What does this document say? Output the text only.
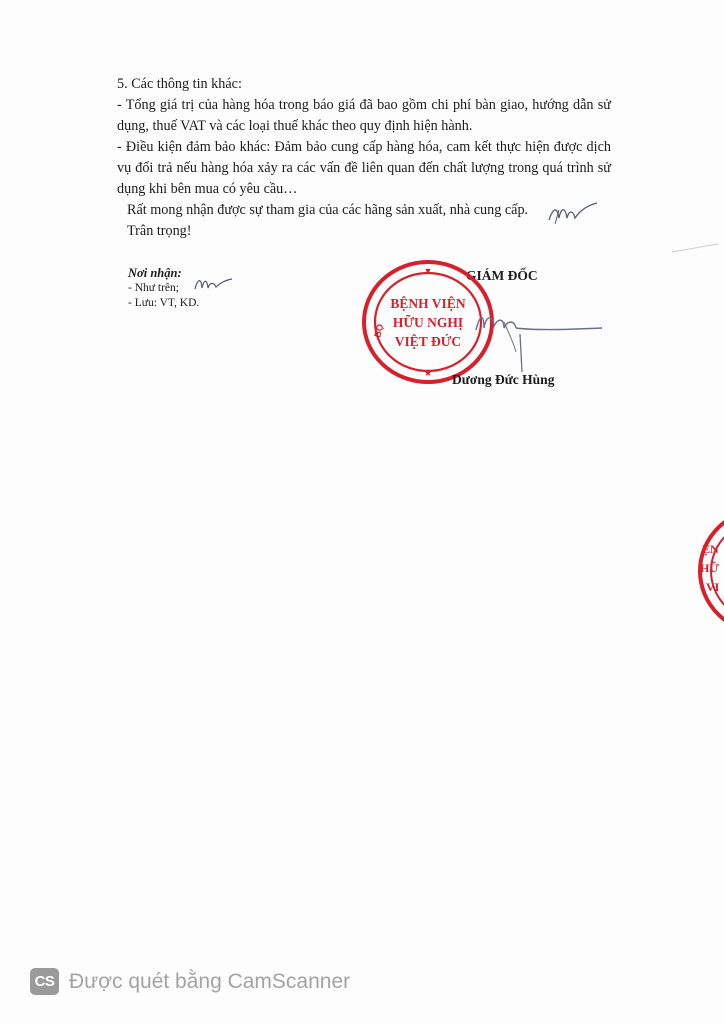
5. Các thông tin khác:

- Tổng giá trị của hàng hóa trong báo giá đã bao gồm chi phí bàn giao, hướng dẫn sử dụng, thuế VAT và các loại thuế khác theo quy định hiện hành.

- Điều kiện đảm bảo khác: Đảm bảo cung cấp hàng hóa, cam kết thực hiện được dịch vụ đổi trả nếu hàng hóa xảy ra các vấn đề liên quan đến chất lượng trong quá trình sử dụng khi bên mua có yêu cầu…

Rất mong nhận được sự tham gia của các hãng sản xuất, nhà cung cấp.

Trân trọng!

Nơi nhận:
- Như trên;
- Lưu: VT, KD.
GIÁM ĐỐC
▼
★
BỘ
BỆNH VIỆN
HỮU NGHỊ
VIỆT ĐỨC
Dương Đức Hùng
ỆN
HỮ
VI
CS Được quét bằng CamScanner
